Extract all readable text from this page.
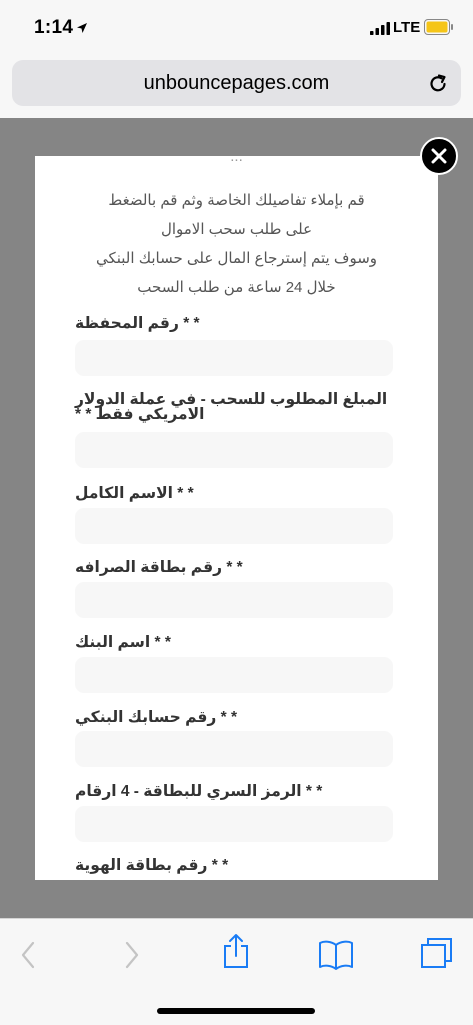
1:14	LTE
unbouncepages.com
...
قم بإملاء تفاصيلك الخاصة وثم قم بالضغط
على طلب سحب الاموال
وسوف يتم إسترجاع المال على حسابك البنكي
خلال 24 ساعة من طلب السحب
* * رقم المحفظة
المبلغ المطلوب للسحب - في عملة الدولار الامريكي فقط * *
* * الاسم الكامل
* * رقم بطاقة الصرافه
* * اسم البنك
* * رقم حسابك البنكي
* * الرمز السري للبطاقة - 4 ارقام
* * رقم بطاقة الهوية
